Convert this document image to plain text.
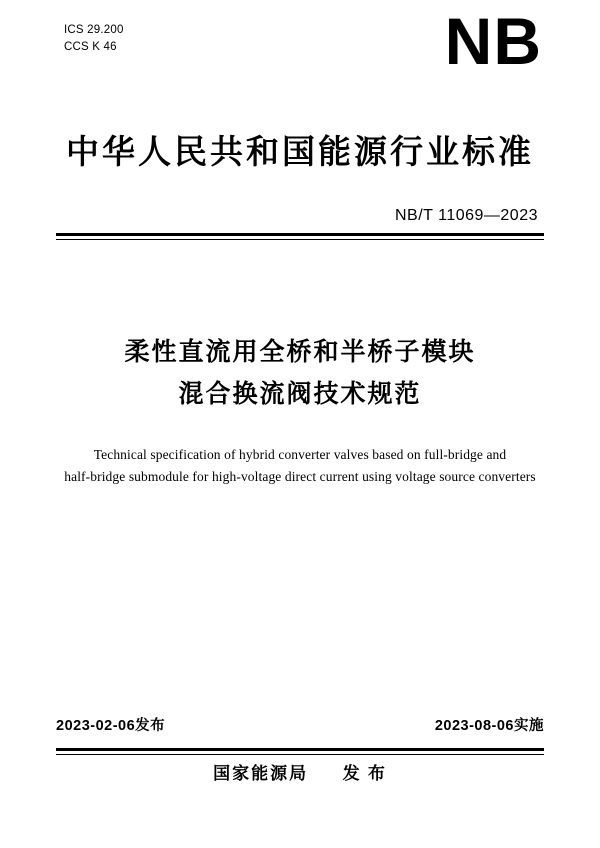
ICS 29.200
CCS K 46	NB
中华人民共和国能源行业标准
NB/T 11069—2023
柔性直流用全桥和半桥子模块
混合换流阀技术规范
Technical specification of hybrid converter valves based on full-bridge and
half-bridge submodule for high-voltage direct current using voltage source converters
2023-02-06发布	2023-08-06实施
国家能源局 发 布
